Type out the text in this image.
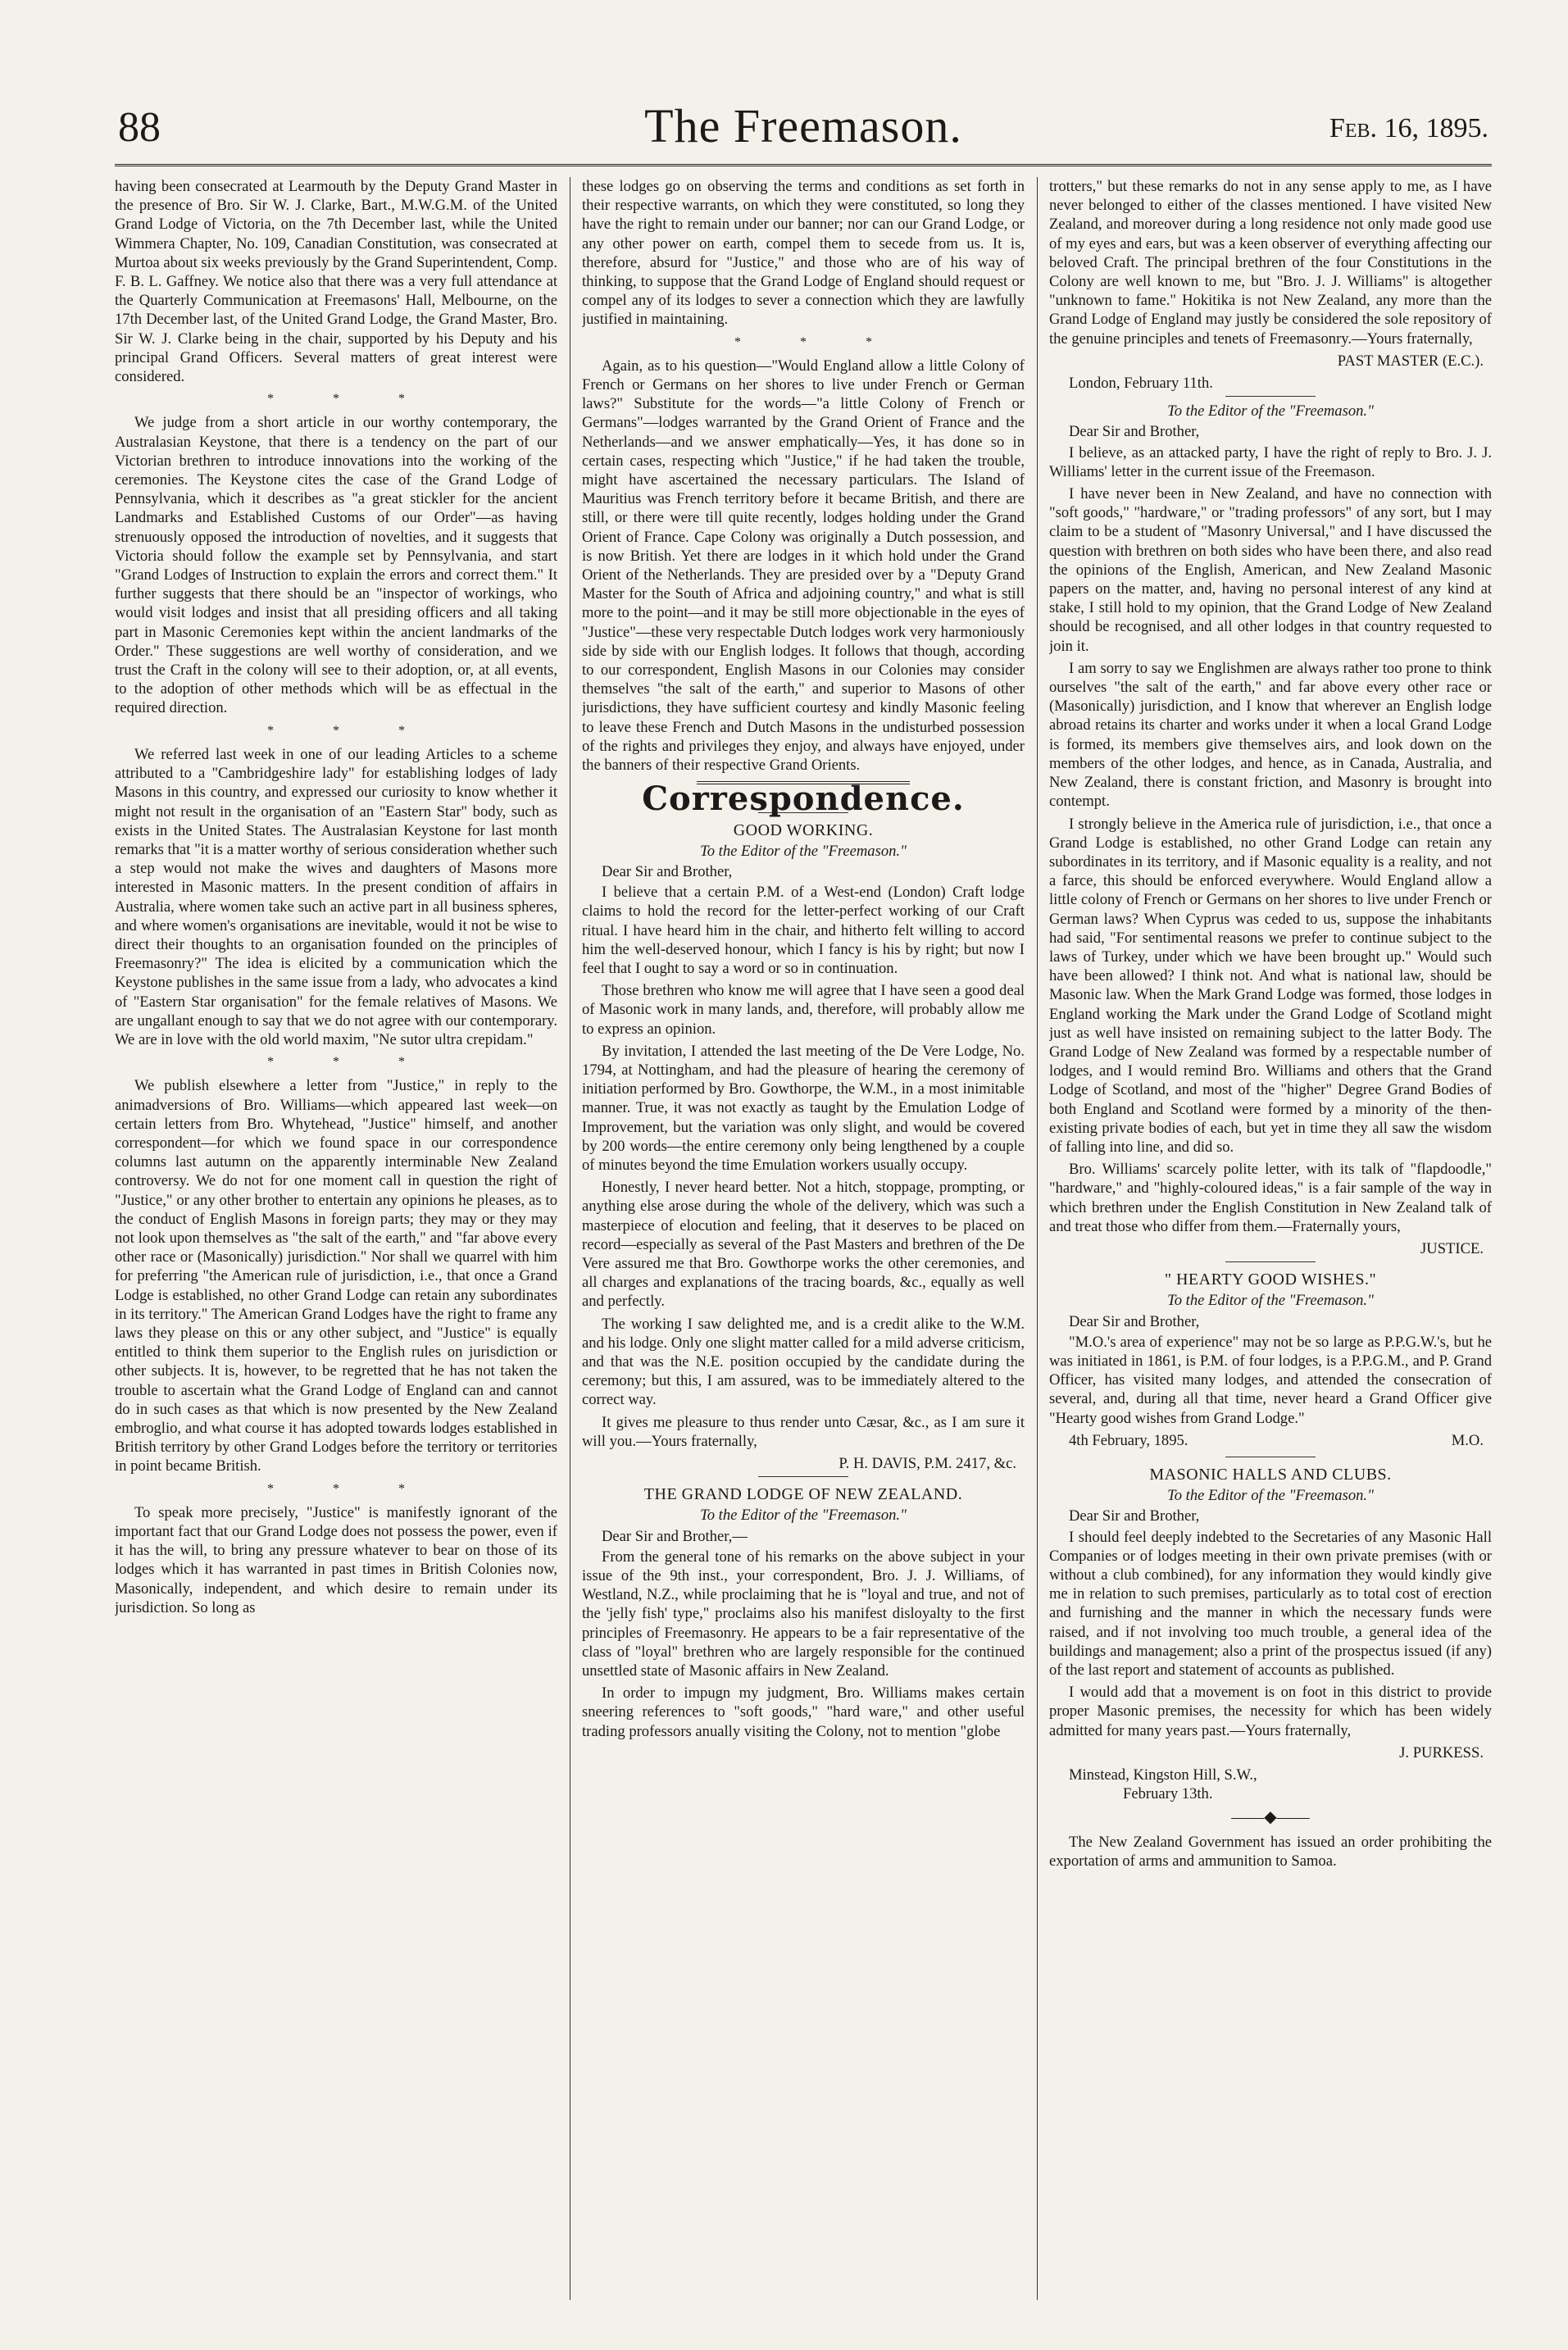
88	The Freemason.	Feb. 16, 1895.

having been consecrated at Learmouth by the Deputy Grand Master in the presence of Bro. Sir W. J. Clarke, Bart., M.W.G.M. of the United Grand Lodge of Victoria, on the 7th December last, while the United Wimmera Chapter, No. 109, Canadian Constitution, was consecrated at Murtoa about six weeks previously by the Grand Superintendent, Comp. F. B. L. Gaffney. We notice also that there was a very full attendance at the Quarterly Communication at Freemasons' Hall, Melbourne, on the 17th December last, of the United Grand Lodge, the Grand Master, Bro. Sir W. J. Clarke being in the chair, supported by his Deputy and his principal Grand Officers. Several matters of great interest were considered.

* * *

We judge from a short article in our worthy contemporary, the Australasian Keystone, that there is a tendency on the part of our Victorian brethren to introduce innovations into the working of the ceremonies. The Keystone cites the case of the Grand Lodge of Pennsylvania, which it describes as "a great stickler for the ancient Landmarks and Established Customs of our Order"—as having strenuously opposed the introduction of novelties, and it suggests that Victoria should follow the example set by Pennsylvania, and start "Grand Lodges of Instruction to explain the errors and correct them." It further suggests that there should be an "inspector of workings, who would visit lodges and insist that all presiding officers and all taking part in Masonic Ceremonies kept within the ancient landmarks of the Order." These suggestions are well worthy of consideration, and we trust the Craft in the colony will see to their adoption, or, at all events, to the adoption of other methods which will be as effectual in the required direction.

* * *

We referred last week in one of our leading Articles to a scheme attributed to a "Cambridgeshire lady" for establishing lodges of lady Masons in this country, and expressed our curiosity to know whether it might not result in the organisation of an "Eastern Star" body, such as exists in the United States. The Australasian Keystone for last month remarks that "it is a matter worthy of serious consideration whether such a step would not make the wives and daughters of Masons more interested in Masonic matters. In the present condition of affairs in Australia, where women take such an active part in all business spheres, and where women's organisations are inevitable, would it not be wise to direct their thoughts to an organisation founded on the principles of Freemasonry?" The idea is elicited by a communication which the Keystone publishes in the same issue from a lady, who advocates a kind of "Eastern Star organisation" for the female relatives of Masons. We are ungallant enough to say that we do not agree with our contemporary. We are in love with the old world maxim, "Ne sutor ultra crepidam."

* * *

We publish elsewhere a letter from "Justice," in reply to the animadversions of Bro. Williams—which appeared last week—on certain letters from Bro. Whytehead, "Justice" himself, and another correspondent—for which we found space in our correspondence columns last autumn on the apparently interminable New Zealand controversy. We do not for one moment call in question the right of "Justice," or any other brother to entertain any opinions he pleases, as to the conduct of English Masons in foreign parts; they may or they may not look upon themselves as "the salt of the earth," and "far above every other race or (Masonically) jurisdiction." Nor shall we quarrel with him for preferring "the American rule of jurisdiction, i.e., that once a Grand Lodge is established, no other Grand Lodge can retain any subordinates in its territory." The American Grand Lodges have the right to frame any laws they please on this or any other subject, and "Justice" is equally entitled to think them superior to the English rules on jurisdiction or other subjects. It is, however, to be regretted that he has not taken the trouble to ascertain what the Grand Lodge of England can and cannot do in such cases as that which is now presented by the New Zealand embroglio, and what course it has adopted towards lodges established in British territory by other Grand Lodges before the territory or territories in point became British.

* * *

To speak more precisely, "Justice" is manifestly ignorant of the important fact that our Grand Lodge does not possess the power, even if it has the will, to bring any pressure whatever to bear on those of its lodges which it has warranted in past times in British Colonies now, Masonically, independent, and which desire to remain under its jurisdiction. So long as

these lodges go on observing the terms and conditions as set forth in their respective warrants, on which they were constituted, so long they have the right to remain under our banner; nor can our Grand Lodge, or any other power on earth, compel them to secede from us. It is, therefore, absurd for "Justice," and those who are of his way of thinking, to suppose that the Grand Lodge of England should request or compel any of its lodges to sever a connection which they are lawfully justified in maintaining.

* * *

Again, as to his question—"Would England allow a little Colony of French or Germans on her shores to live under French or German laws?" Substitute for the words—"a little Colony of French or Germans"—lodges warranted by the Grand Orient of France and the Netherlands—and we answer emphatically—Yes, it has done so in certain cases, respecting which "Justice," if he had taken the trouble, might have ascertained the necessary particulars. The Island of Mauritius was French territory before it became British, and there are still, or there were till quite recently, lodges holding under the Grand Orient of France. Cape Colony was originally a Dutch possession, and is now British. Yet there are lodges in it which hold under the Grand Orient of the Netherlands. They are presided over by a "Deputy Grand Master for the South of Africa and adjoining country," and what is still more to the point—and it may be still more objectionable in the eyes of "Justice"—these very respectable Dutch lodges work very harmoniously side by side with our English lodges. It follows that though, according to our correspondent, English Masons in our Colonies may consider themselves "the salt of the earth," and superior to Masons of other jurisdictions, they have sufficient courtesy and kindly Masonic feeling to leave these French and Dutch Masons in the undisturbed possession of the rights and privileges they enjoy, and always have enjoyed, under the banners of their respective Grand Orients.

Correspondence.
GOOD WORKING.
To the Editor of the "Freemason."
Dear Sir and Brother,

I believe that a certain P.M. of a West-end (London) Craft lodge claims to hold the record for the letter-perfect working of our Craft ritual. I have heard him in the chair, and hitherto felt willing to accord him the well-deserved honour, which I fancy is his by right; but now I feel that I ought to say a word or so in continuation.

Those brethren who know me will agree that I have seen a good deal of Masonic work in many lands, and, therefore, will probably allow me to express an opinion.

By invitation, I attended the last meeting of the De Vere Lodge, No. 1794, at Nottingham, and had the pleasure of hearing the ceremony of initiation performed by Bro. Gowthorpe, the W.M., in a most inimitable manner. True, it was not exactly as taught by the Emulation Lodge of Improvement, but the variation was only slight, and would be covered by 200 words—the entire ceremony only being lengthened by a couple of minutes beyond the time Emulation workers usually occupy.

Honestly, I never heard better. Not a hitch, stoppage, prompting, or anything else arose during the whole of the delivery, which was such a masterpiece of elocution and feeling, that it deserves to be placed on record—especially as several of the Past Masters and brethren of the De Vere assured me that Bro. Gowthorpe works the other ceremonies, and all charges and explanations of the tracing boards, &c., equally as well and perfectly.

The working I saw delighted me, and is a credit alike to the W.M. and his lodge. Only one slight matter called for a mild adverse criticism, and that was the N.E. position occupied by the candidate during the ceremony; but this, I am assured, was to be immediately altered to the correct way.

It gives me pleasure to thus render unto Cæsar, &c., as I am sure it will you.—Yours fraternally,

P. H. DAVIS, P.M. 2417, &c.
THE GRAND LODGE OF NEW ZEALAND.
To the Editor of the "Freemason."
Dear Sir and Brother,—

From the general tone of his remarks on the above subject in your issue of the 9th inst., your correspondent, Bro. J. J. Williams, of Westland, N.Z., while proclaiming that he is "loyal and true, and not of the 'jelly fish' type," proclaims also his manifest disloyalty to the first principles of Freemasonry. He appears to be a fair representative of the class of "loyal" brethren who are largely responsible for the continued unsettled state of Masonic affairs in New Zealand.

In order to impugn my judgment, Bro. Williams makes certain sneering references to "soft goods," "hard ware," and other useful trading professors anually visiting the Colony, not to mention "globe

trotters," but these remarks do not in any sense apply to me, as I have never belonged to either of the classes mentioned. I have visited New Zealand, and moreover during a long residence not only made good use of my eyes and ears, but was a keen observer of everything affecting our beloved Craft. The principal brethren of the four Constitutions in the Colony are well known to me, but "Bro. J. J. Williams" is altogether "unknown to fame." Hokitika is not New Zealand, any more than the Grand Lodge of England may justly be considered the sole repository of the genuine principles and tenets of Freemasonry.—Yours fraternally,

PAST MASTER (E.C.).
London, February 11th.
To the Editor of the "Freemason."
Dear Sir and Brother,

I believe, as an attacked party, I have the right of reply to Bro. J. J. Williams' letter in the current issue of the Freemason.

I have never been in New Zealand, and have no connection with "soft goods," "hardware," or "trading professors" of any sort, but I may claim to be a student of "Masonry Universal," and I have discussed the question with brethren on both sides who have been there, and also read the opinions of the English, American, and New Zealand Masonic papers on the matter, and, having no personal interest of any kind at stake, I still hold to my opinion, that the Grand Lodge of New Zealand should be recognised, and all other lodges in that country requested to join it.

I am sorry to say we Englishmen are always rather too prone to think ourselves "the salt of the earth," and far above every other race or (Masonically) jurisdiction, and I know that wherever an English lodge abroad retains its charter and works under it when a local Grand Lodge is formed, its members give themselves airs, and look down on the members of the other lodges, and hence, as in Canada, Australia, and New Zealand, there is constant friction, and Masonry is brought into contempt.

I strongly believe in the America rule of jurisdiction, i.e., that once a Grand Lodge is established, no other Grand Lodge can retain any subordinates in its territory, and if Masonic equality is a reality, and not a farce, this should be enforced everywhere. Would England allow a little colony of French or Germans on her shores to live under French or German laws? When Cyprus was ceded to us, suppose the inhabitants had said, "For sentimental reasons we prefer to continue subject to the laws of Turkey, under which we have been brought up." Would such have been allowed? I think not. And what is national law, should be Masonic law. When the Mark Grand Lodge was formed, those lodges in England working the Mark under the Grand Lodge of Scotland might just as well have insisted on remaining subject to the latter Body. The Grand Lodge of New Zealand was formed by a respectable number of lodges, and I would remind Bro. Williams and others that the Grand Lodge of Scotland, and most of the "higher" Degree Grand Bodies of both England and Scotland were formed by a minority of the then-existing private bodies of each, but yet in time they all saw the wisdom of falling into line, and did so.

Bro. Williams' scarcely polite letter, with its talk of "flapdoodle," "hardware," and "highly-coloured ideas," is a fair sample of the way in which brethren under the English Constitution in New Zealand talk of and treat those who differ from them.—Fraternally yours,

JUSTICE.
" HEARTY GOOD WISHES."
To the Editor of the "Freemason."
Dear Sir and Brother,

"M.O.'s area of experience" may not be so large as P.P.G.W.'s, but he was initiated in 1861, is P.M. of four lodges, is a P.P.G.M., and P. Grand Officer, has visited many lodges, and attended the consecration of several, and, during all that time, never heard a Grand Officer give "Hearty good wishes from Grand Lodge."

4th February, 1895.	M.O.
MASONIC HALLS AND CLUBS.
To the Editor of the "Freemason."
Dear Sir and Brother,

I should feel deeply indebted to the Secretaries of any Masonic Hall Companies or of lodges meeting in their own private premises (with or without a club combined), for any information they would kindly give me in relation to such premises, particularly as to total cost of erection and furnishing and the manner in which the necessary funds were raised, and if not involving too much trouble, a general idea of the buildings and management; also a print of the prospectus issued (if any) of the last report and statement of accounts as published.

I would add that a movement is on foot in this district to provide proper Masonic premises, the necessity for which has been widely admitted for many years past.—Yours fraternally,

J. PURKESS.
Minstead, Kingston Hill, S.W.,
February 13th.
——◆——

The New Zealand Government has issued an order prohibiting the exportation of arms and ammunition to Samoa.
